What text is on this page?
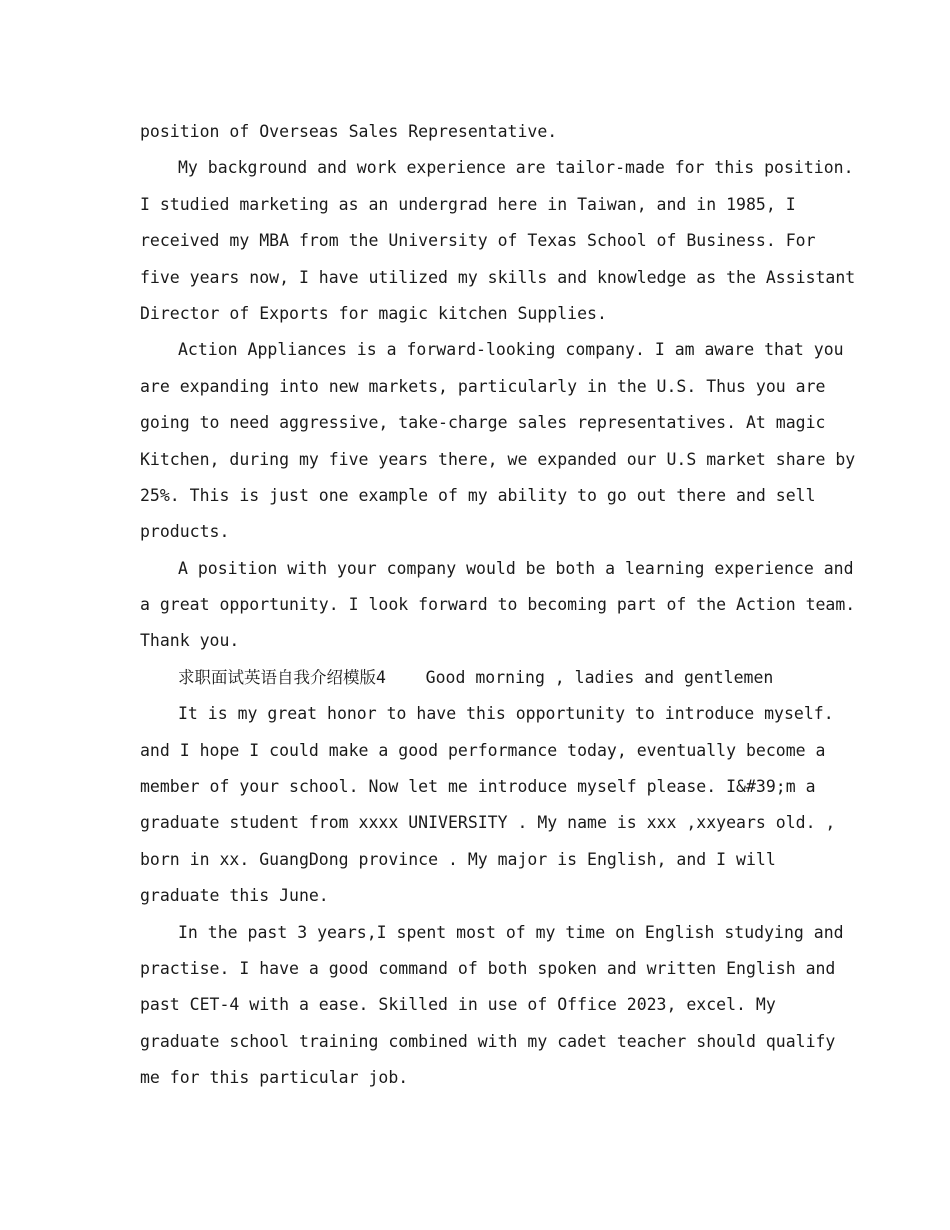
position of Overseas Sales Representative.
My background and work experience are tailor-made for this position.
I studied marketing as an undergrad here in Taiwan, and in 1985, I
received my MBA from the University of Texas School of Business. For
five years now, I have utilized my skills and knowledge as the Assistant
Director of Exports for magic kitchen Supplies.
Action Appliances is a forward-looking company. I am aware that you
are expanding into new markets, particularly in the U.S. Thus you are
going to need aggressive, take-charge sales representatives. At magic
Kitchen, during my five years there, we expanded our U.S market share by
25%. This is just one example of my ability to go out there and sell
products.
A position with your company would be both a learning experience and
a great opportunity. I look forward to becoming part of the Action team.
Thank you.
求职面试英语自我介绍模版4    Good morning , ladies and gentlemen
It is my great honor to have this opportunity to introduce myself.
and I hope I could make a good performance today, eventually become a
member of your school. Now let me introduce myself please. I&#39;m a
graduate student from xxxx UNIVERSITY . My name is xxx ,xxyears old. ,
born in xx. GuangDong province . My major is English, and I will
graduate this June.
In the past 3 years,I spent most of my time on English studying and
practise. I have a good command of both spoken and written English and
past CET-4 with a ease. Skilled in use of Office 2023, excel. My
graduate school training combined with my cadet teacher should qualify
me for this particular job.
